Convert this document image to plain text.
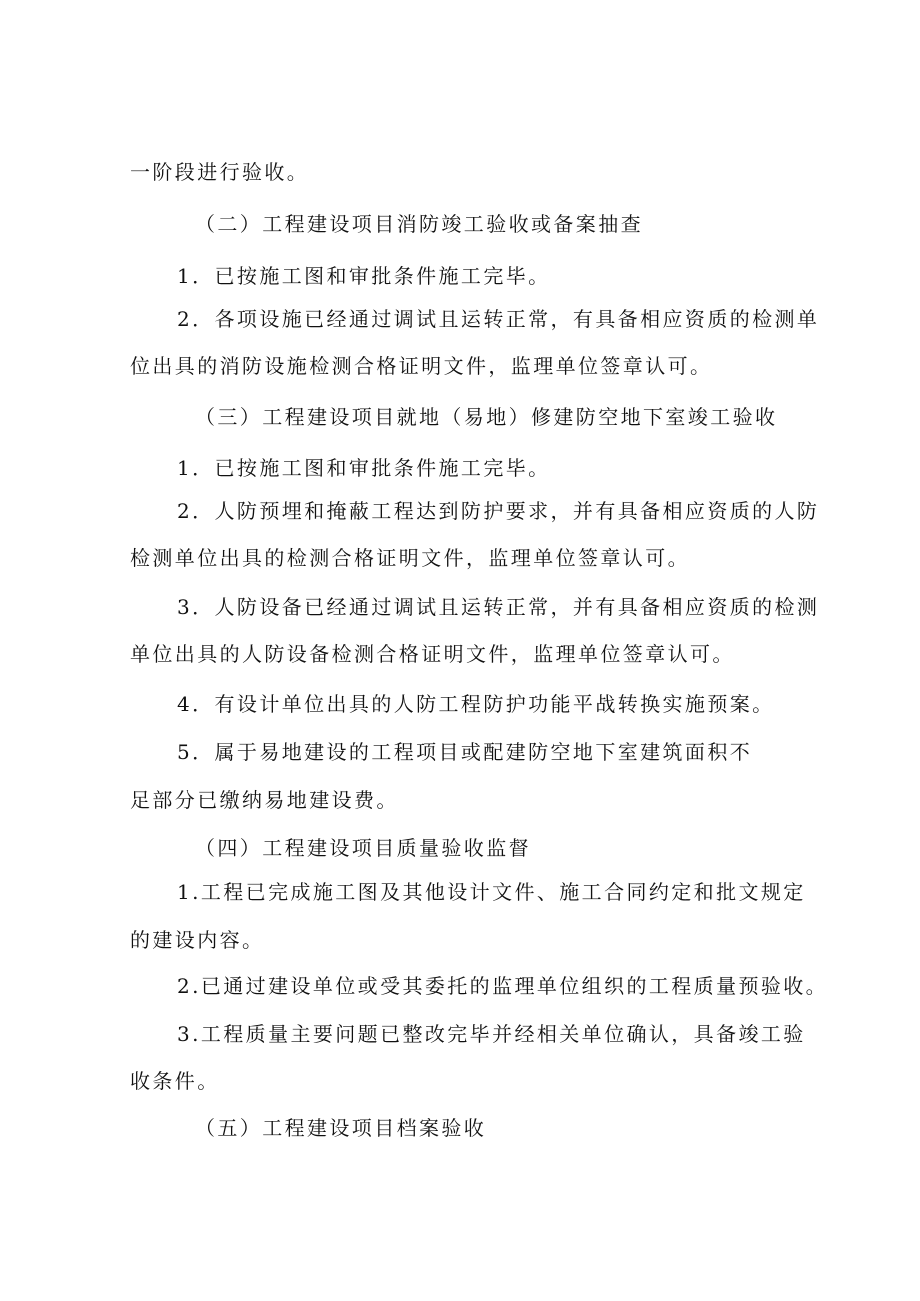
一阶段进行验收。
（二）工程建设项目消防竣工验收或备案抽查
1．已按施工图和审批条件施工完毕。
2．各项设施已经通过调试且运转正常，有具备相应资质的检测单
位出具的消防设施检测合格证明文件，监理单位签章认可。
（三）工程建设项目就地（易地）修建防空地下室竣工验收
1．已按施工图和审批条件施工完毕。
2．人防预埋和掩蔽工程达到防护要求，并有具备相应资质的人防
检测单位出具的检测合格证明文件，监理单位签章认可。
3．人防设备已经通过调试且运转正常，并有具备相应资质的检测
单位出具的人防设备检测合格证明文件，监理单位签章认可。
4．有设计单位出具的人防工程防护功能平战转换实施预案。
5．属于易地建设的工程项目或配建防空地下室建筑面积不
足部分已缴纳易地建设费。
（四）工程建设项目质量验收监督
1.工程已完成施工图及其他设计文件、施工合同约定和批文规定
的建设内容。
2.已通过建设单位或受其委托的监理单位组织的工程质量预验收。
3.工程质量主要问题已整改完毕并经相关单位确认，具备竣工验
收条件。
（五）工程建设项目档案验收
